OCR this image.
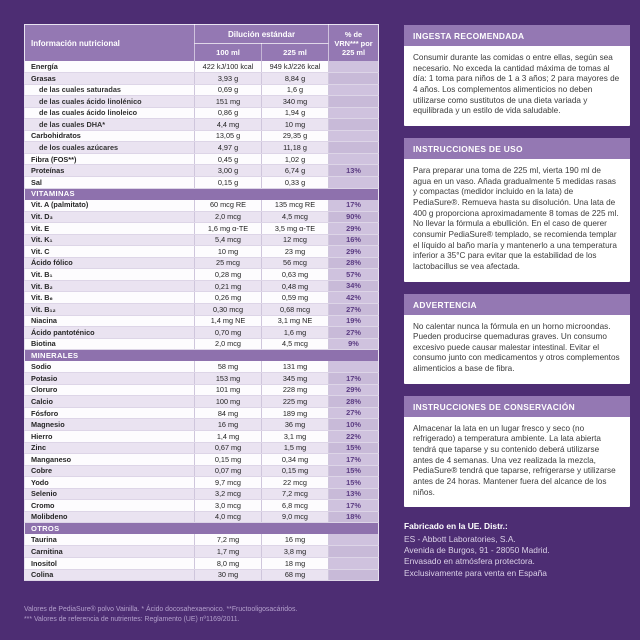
Información nutricional	Dilución estándar		% de VRN*** por 225 ml
	100 ml	225 ml	
Energía	422 kJ/100 kcal	949 kJ/226 kcal	
Grasas	3,93 g	8,84 g	
de las cuales saturadas	0,69 g	1,6 g	
de las cuales ácido linolénico	151 mg	340 mg	
de las cuales ácido linoleico	0,86 g	1,94 g	
de las cuales DHA*	4,4 mg	10 mg	
Carbohidratos	13,05 g	29,35 g	
de los cuales azúcares	4,97 g	11,18 g	
Fibra (FOS**)	0,45 g	1,02 g	
Proteínas	3,00 g	6,74 g	13%
Sal	0,15 g	0,33 g	
VITAMINAS			
Vit. A (palmitato)	60 mcg RE	135 mcg RE	17%
Vit. D₃	2,0 mcg	4,5 mcg	90%
Vit. E	1,6 mg α-TE	3,5 mg α-TE	29%
Vit. K₁	5,4 mcg	12 mcg	16%
Vit. C	10 mg	23 mg	29%
Ácido fólico	25 mcg	56 mcg	28%
Vit. B₁	0,28 mg	0,63 mg	57%
Vit. B₂	0,21 mg	0,48 mg	34%
Vit. B₆	0,26 mg	0,59 mg	42%
Vit. B₁₂	0,30 mcg	0,68 mcg	27%
Niacina	1,4 mg NE	3,1 mg NE	19%
Ácido pantoténico	0,70 mg	1,6 mg	27%
Biotina	2,0 mcg	4,5 mcg	9%
MINERALES			
Sodio	58 mg	131 mg	
Potasio	153 mg	345 mg	17%
Cloruro	101 mg	228 mg	29%
Calcio	100 mg	225 mg	28%
Fósforo	84 mg	189 mg	27%
Magnesio	16 mg	36 mg	10%
Hierro	1,4 mg	3,1 mg	22%
Zinc	0,67 mg	1,5 mg	15%
Manganeso	0,15 mg	0,34 mg	17%
Cobre	0,07 mg	0,15 mg	15%
Yodo	9,7 mcg	22 mcg	15%
Selenio	3,2 mcg	7,2 mcg	13%
Cromo	3,0 mcg	6,8 mcg	17%
Molibdeno	4,0 mcg	9,0 mcg	18%
OTROS			
Taurina	7,2 mg	16 mg	
Carnitina	1,7 mg	3,8 mg	
Inositol	8,0 mg	18 mg	
Colina	30 mg	68 mg	
Valores de PediaSure® polvo Vainilla. * Ácido docosahexaenoico. **Fructooligosacáridos.
*** Valores de referencia de nutrientes: Reglamento (UE) nº1169/2011.
INGESTA RECOMENDADA
Consumir durante las comidas o entre ellas, según sea necesario. No exceda la cantidad máxima de tomas al día: 1 toma para niños de 1 a 3 años; 2 para mayores de 4 años. Los complementos alimenticios no deben utilizarse como sustitutos de una dieta variada y equilibrada y un estilo de vida saludable.
INSTRUCCIONES DE USO
Para preparar una toma de 225 ml, vierta 190 ml de agua en un vaso. Añada gradualmente 5 medidas rasas y compactas (medidor incluido en la lata) de PediaSure®. Remueva hasta su disolución. Una lata de 400 g proporciona aproximadamente 8 tomas de 225 ml. No llevar la fórmula a ebullición. En el caso de querer consumir PediaSure® templado, se recomienda templar el líquido al baño maría y mantenerlo a una temperatura inferior a 35°C para evitar que la estabilidad de los lactobacillus se vea afectada.
ADVERTENCIA
No calentar nunca la fórmula en un horno microondas. Pueden producirse quemaduras graves. Un consumo excesivo puede causar malestar intestinal. Evitar el consumo junto con medicamentos y otros complementos alimenticios a base de fibra.
INSTRUCCIONES DE CONSERVACIÓN
Almacenar la lata en un lugar fresco y seco (no refrigerado) a temperatura ambiente. La lata abierta tendrá que taparse y su contenido deberá utilizarse antes de 4 semanas. Una vez realizada la mezcla, PediaSure® tendrá que taparse, refrigerarse y utilizarse antes de 24 horas. Mantener fuera del alcance de los niños.
Fabricado en la UE. Distr.:
ES - Abbott Laboratories, S.A.
Avenida de Burgos, 91 - 28050 Madrid.
Envasado en atmósfera protectora.
Exclusivamente para venta en España
